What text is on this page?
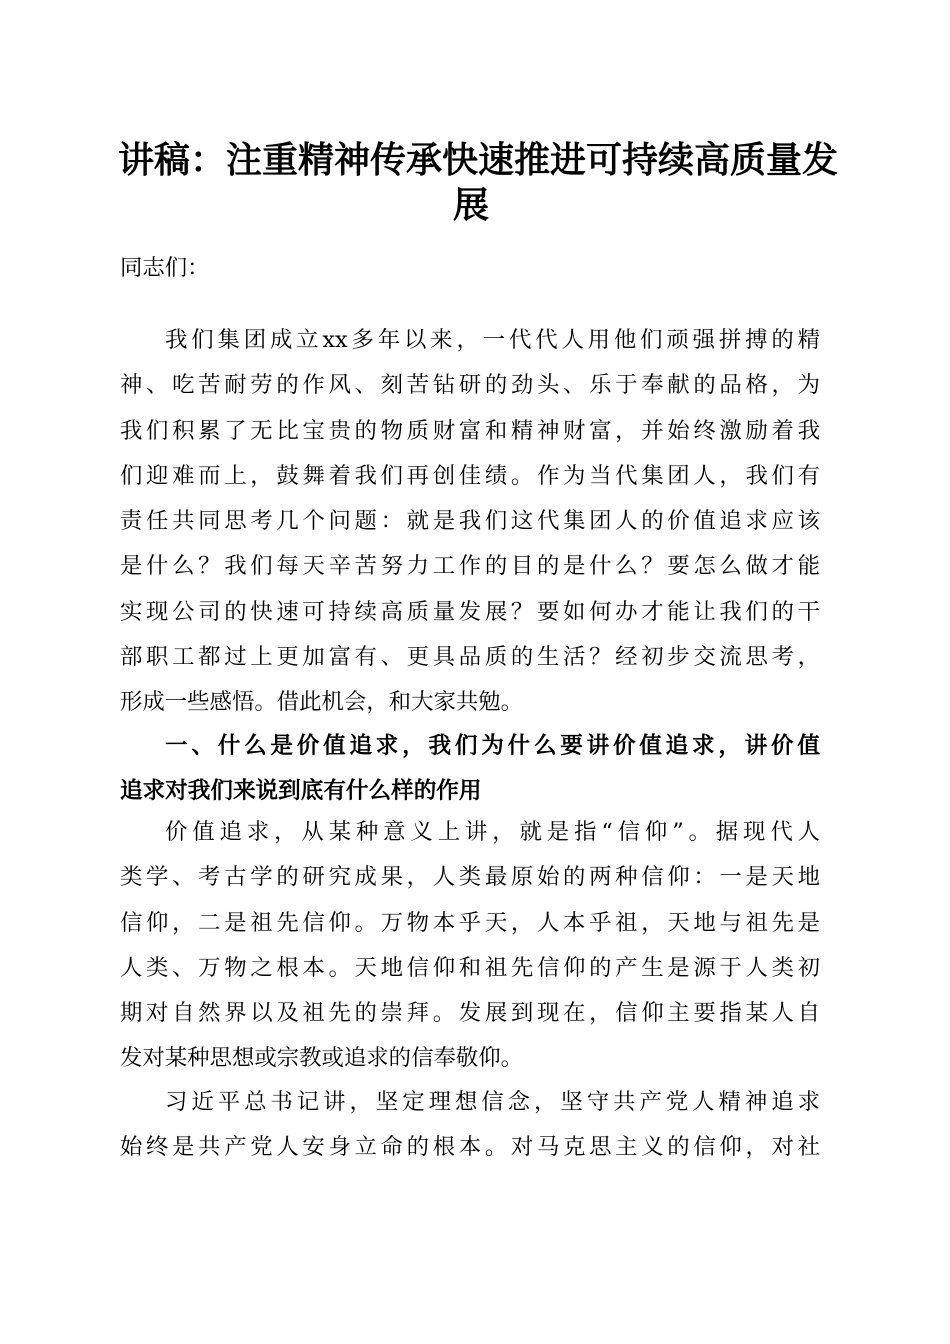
讲稿：注重精神传承快速推进可持续高质量发
展
同志们：
我们集团成立xx多年以来，一代代人用他们顽强拼搏的精
神、吃苦耐劳的作风、刻苦钻研的劲头、乐于奉献的品格，为
我们积累了无比宝贵的物质财富和精神财富，并始终激励着我
们迎难而上，鼓舞着我们再创佳绩。作为当代集团人，我们有
责任共同思考几个问题：就是我们这代集团人的价值追求应该
是什么？我们每天辛苦努力工作的目的是什么？要怎么做才能
实现公司的快速可持续高质量发展？要如何办才能让我们的干
部职工都过上更加富有、更具品质的生活？经初步交流思考，
形成一些感悟。借此机会，和大家共勉。
一、什么是价值追求，我们为什么要讲价值追求，讲价值
追求对我们来说到底有什么样的作用
价值追求，从某种意义上讲，就是指“信仰”。据现代人
类学、考古学的研究成果，人类最原始的两种信仰：一是天地
信仰，二是祖先信仰。万物本乎天，人本乎祖，天地与祖先是
人类、万物之根本。天地信仰和祖先信仰的产生是源于人类初
期对自然界以及祖先的崇拜。发展到现在，信仰主要指某人自
发对某种思想或宗教或追求的信奉敬仰。
习近平总书记讲，坚定理想信念，坚守共产党人精神追求
始终是共产党人安身立命的根本。对马克思主义的信仰，对社
